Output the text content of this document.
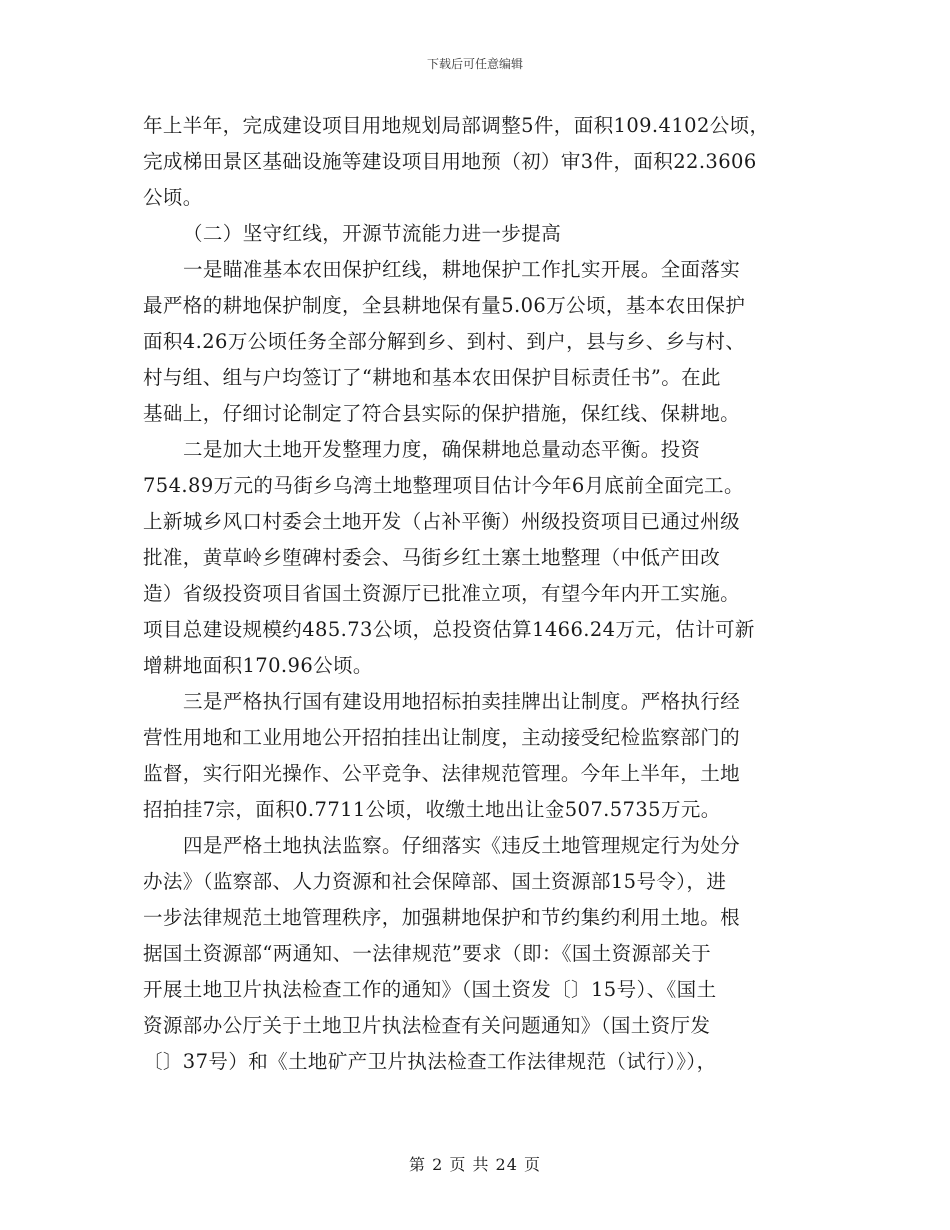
下载后可任意编辑
年上半年，完成建设项目用地规划局部调整5件，面积109.4102公顷，
完成梯田景区基础设施等建设项目用地预（初）审3件，面积22.3606
公顷。
（二）坚守红线，开源节流能力进一步提高
一是瞄准基本农田保护红线，耕地保护工作扎实开展。全面落实
最严格的耕地保护制度，全县耕地保有量5.06万公顷，基本农田保护
面积4.26万公顷任务全部分解到乡、到村、到户，县与乡、乡与村、
村与组、组与户均签订了“耕地和基本农田保护目标责任书”。在此
基础上，仔细讨论制定了符合县实际的保护措施，保红线、保耕地。
二是加大土地开发整理力度，确保耕地总量动态平衡。投资
754.89万元的马街乡乌湾土地整理项目估计今年6月底前全面完工。
上新城乡风口村委会土地开发（占补平衡）州级投资项目已通过州级
批准，黄草岭乡堕碑村委会、马街乡红土寨土地整理（中低产田改
造）省级投资项目省国土资源厅已批准立项，有望今年内开工实施。
项目总建设规模约485.73公顷，总投资估算1466.24万元，估计可新
增耕地面积170.96公顷。
三是严格执行国有建设用地招标拍卖挂牌出让制度。严格执行经
营性用地和工业用地公开招拍挂出让制度，主动接受纪检监察部门的
监督，实行阳光操作、公平竞争、法律规范管理。今年上半年，土地
招拍挂7宗，面积0.7711公顷，收缴土地出让金507.5735万元。
四是严格土地执法监察。仔细落实《违反土地管理规定行为处分
办法》（监察部、人力资源和社会保障部、国土资源部15号令），进
一步法律规范土地管理秩序，加强耕地保护和节约集约利用土地。根
据国土资源部“两通知、一法律规范”要求（即：《国土资源部关于
开展土地卫片执法检查工作的通知》（国土资发〔〕15号）、《国土
资源部办公厅关于土地卫片执法检查有关问题通知》（国土资厅发
〔〕37号）和《土地矿产卫片执法检查工作法律规范（试行）》），
第 2 页 共 24 页
